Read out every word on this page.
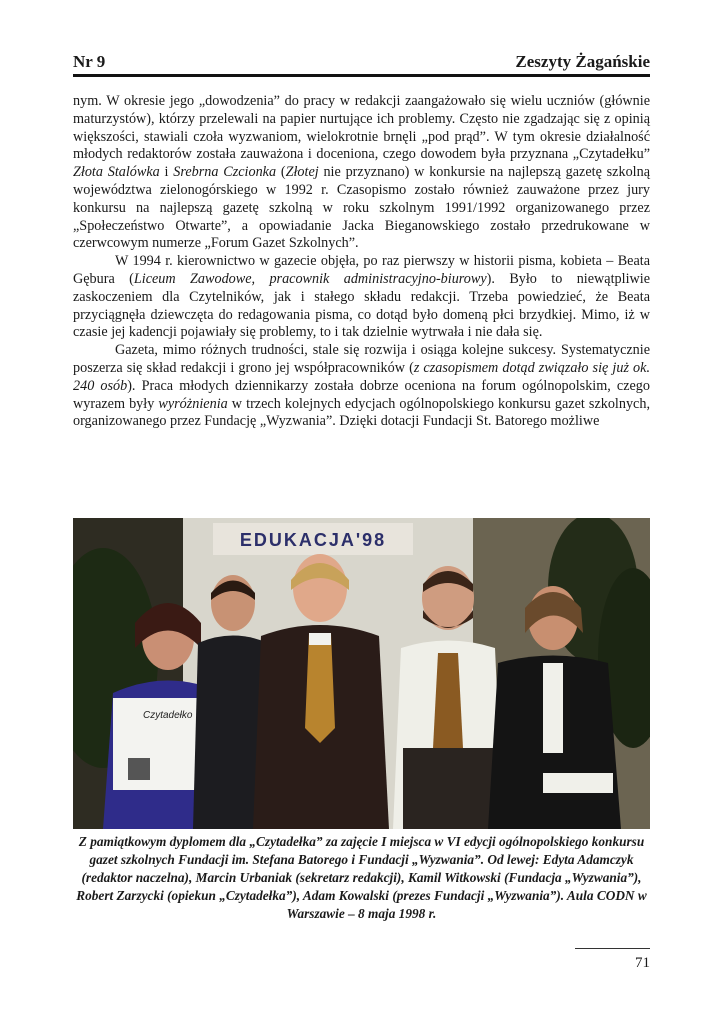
Nr 9	Zeszyty Żagańskie

nym. W okresie jego „dowodzenia” do pracy w redakcji zaangażowało się wielu uczniów (głównie maturzystów), którzy przelewali na papier nurtujące ich problemy. Często nie zgadzając się z opinią większości, stawiali czoła wyzwaniom, wielokrotnie brnęli „pod prąd”. W tym okresie działalność młodych redaktorów została zauważona i doceniona, czego dowodem była przyznana „Czytadełku” Złota Stalówka i Srebrna Czcionka (Złotej nie przyznano) w konkursie na najlepszą gazetę szkolną województwa zielonogórskiego w 1992 r. Czasopismo zostało również zauważone przez jury konkursu na najlepszą gazetę szkolną w roku szkolnym 1991/1992 organizowanego przez „Społeczeństwo Otwarte”, a opowiadanie Jacka Bieganowskiego zostało przedrukowane w czerwcowym numerze „Forum Gazet Szkolnych”.

W 1994 r. kierownictwo w gazecie objęła, po raz pierwszy w historii pisma, kobieta – Beata Gębura (Liceum Zawodowe, pracownik administracyjno-biurowy). Było to niewątpliwie zaskoczeniem dla Czytelników, jak i stałego składu redakcji. Trzeba powiedzieć, że Beata przyciągnęła dziewczęta do redagowania pisma, co dotąd było domeną płci brzydkiej. Mimo, iż w czasie jej kadencji pojawiały się problemy, to i tak dzielnie wytrwała i nie dała się.

Gazeta, mimo różnych trudności, stale się rozwija i osiąga kolejne sukcesy. Systematycznie poszerza się skład redakcji i grono jej współpracowników (z czasopismem dotąd związało się już ok. 240 osób). Praca młodych dziennikarzy została dobrze oceniona na forum ogólnopolskim, czego wyrazem były wyróżnienia w trzech kolejnych edycjach ogólnopolskiego konkursu gazet szkolnych, organizowanego przez Fundację „Wyzwania”. Dzięki dotacji Fundacji St. Batorego możliwe

EDUKACJA'98
Czytadełko
Z pamiątkowym dyplomem dla „Czytadełka” za zajęcie I miejsca w VI edycji ogólnopolskiego konkursu gazet szkolnych Fundacji im. Stefana Batorego i Fundacji „Wyzwania”. Od lewej: Edyta Adamczyk (redaktor naczelna), Marcin Urbaniak (sekretarz redakcji), Kamil Witkowski (Fundacja „Wyzwania”), Robert Zarzycki (opiekun „Czytadełka”), Adam Kowalski (prezes Fundacji „Wyzwania”). Aula CODN w Warszawie – 8 maja 1998 r.
71
